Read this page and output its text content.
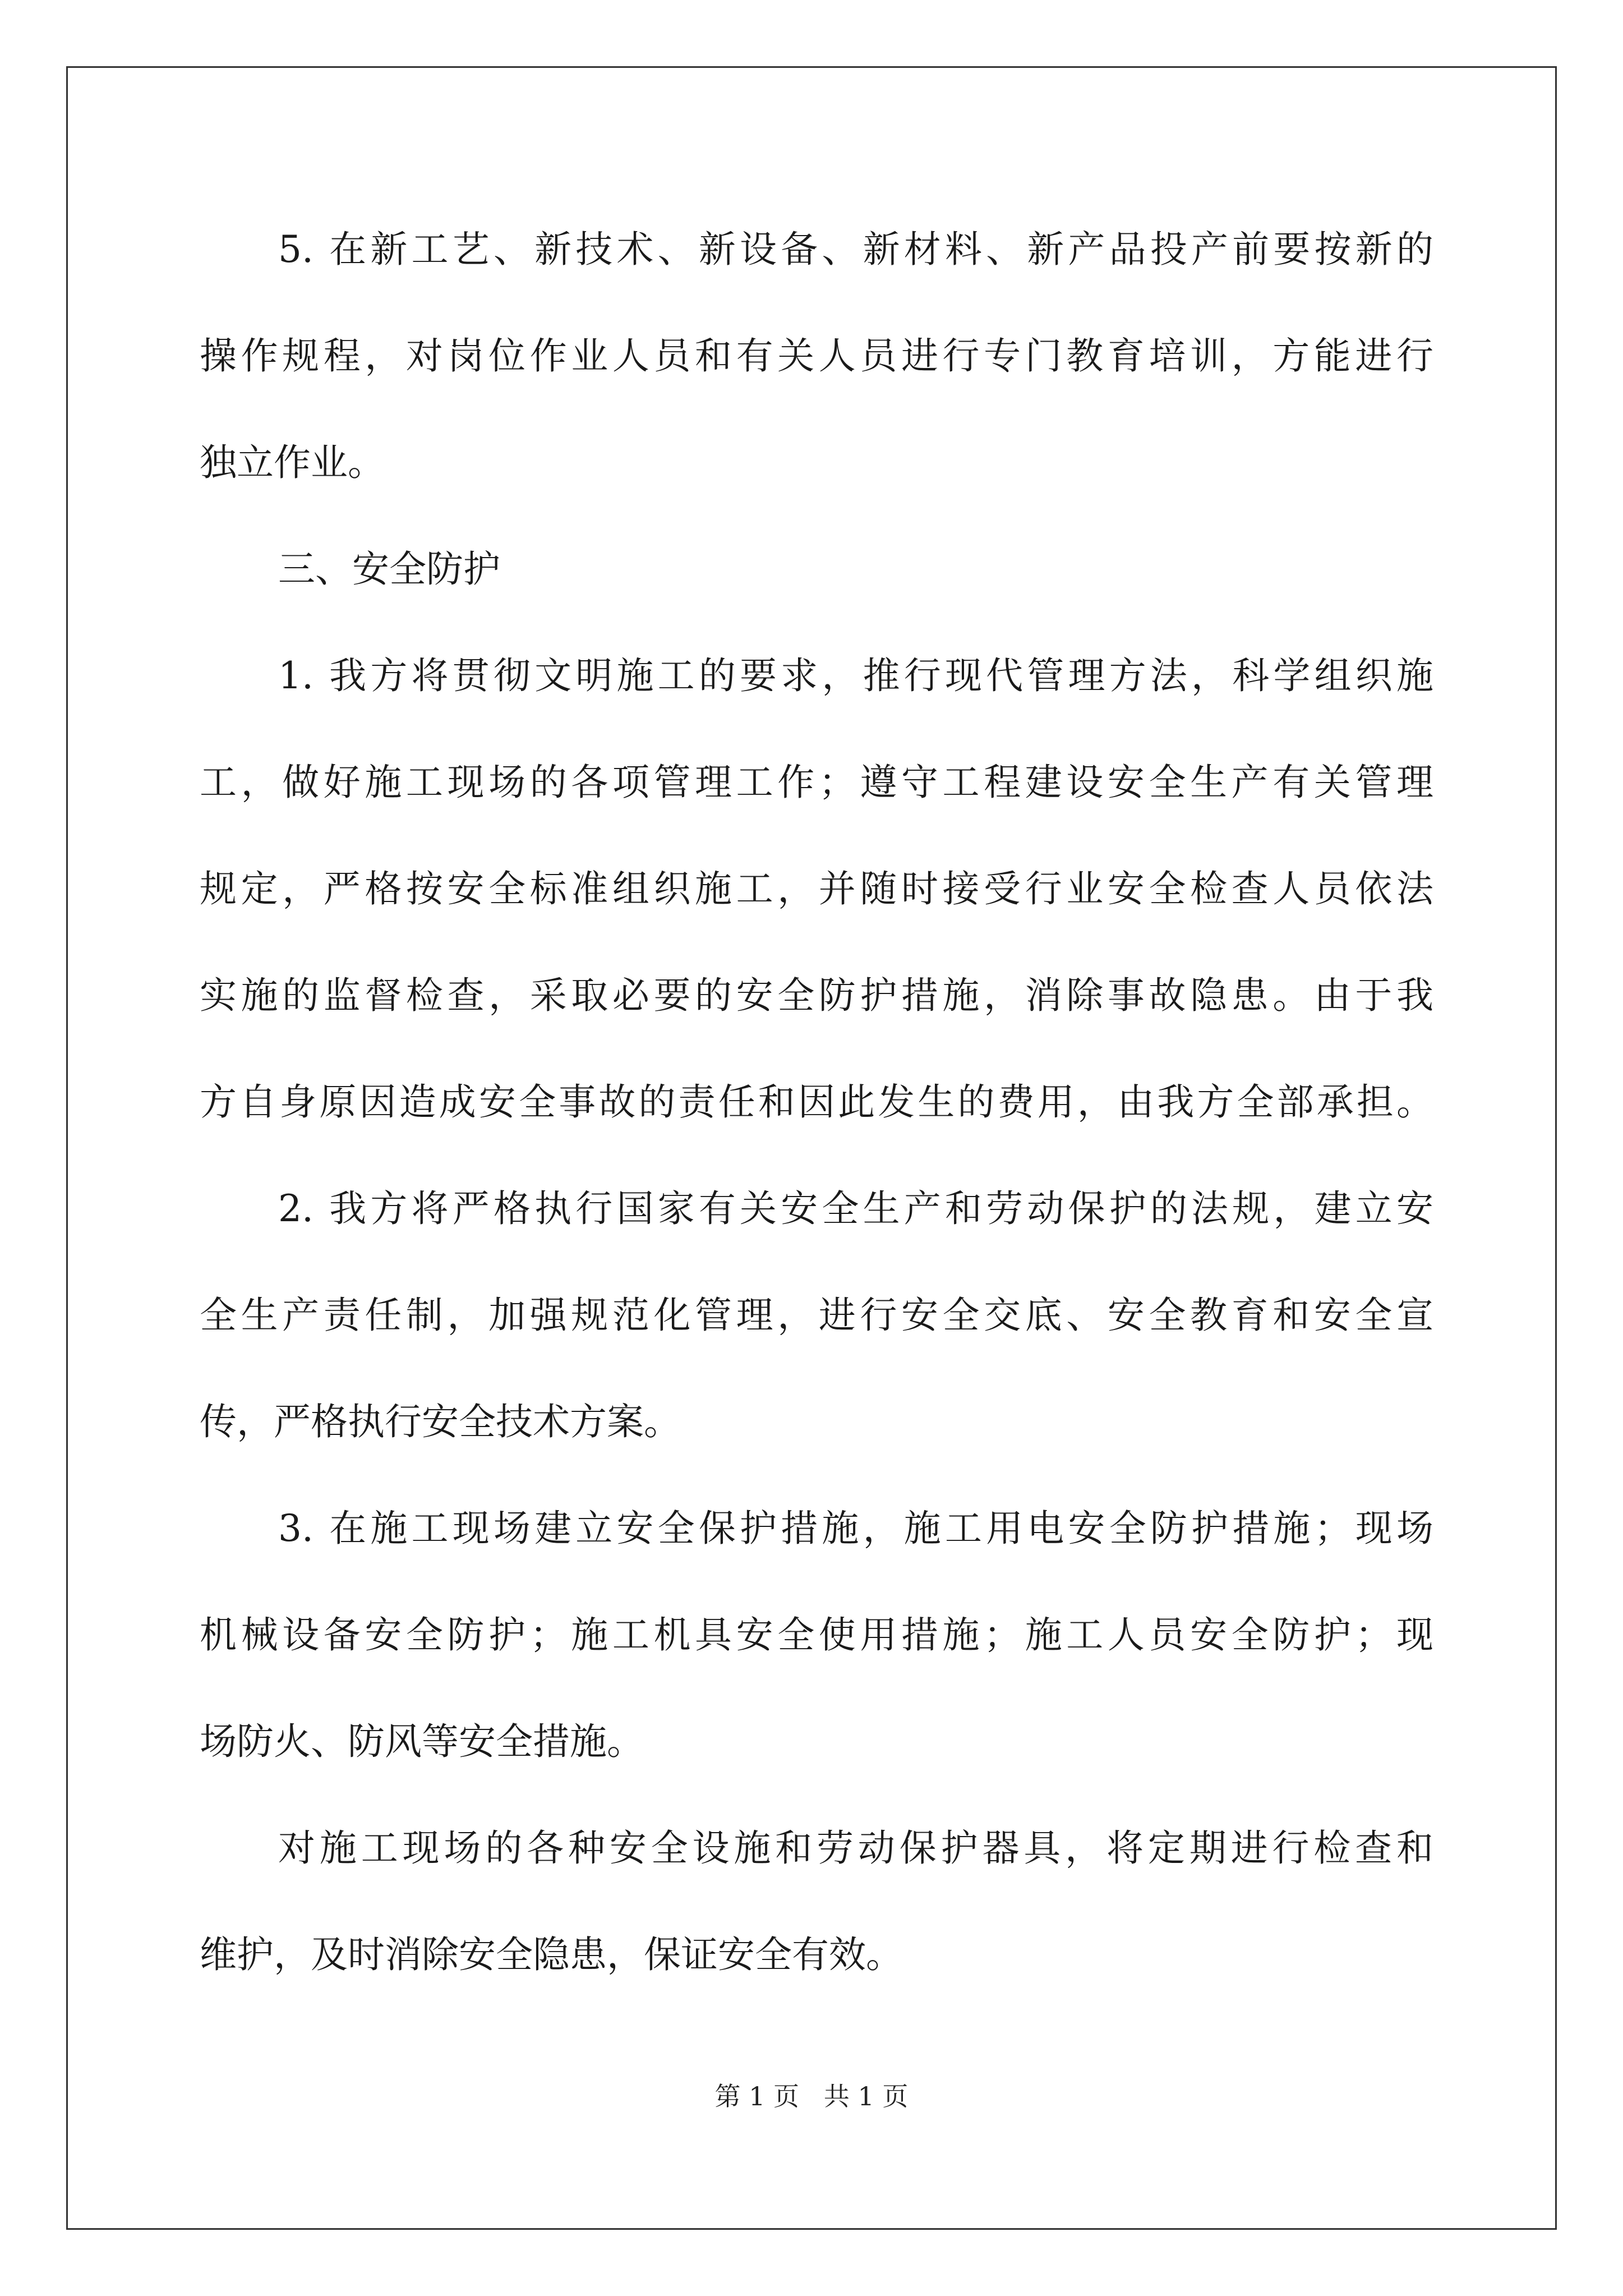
5. 在新工艺、新技术、新设备、新材料、新产品投产前要按新的
操作规程，对岗位作业人员和有关人员进行专门教育培训，方能进行
独立作业。
三、安全防护
1. 我方将贯彻文明施工的要求，推行现代管理方法，科学组织施
工，做好施工现场的各项管理工作；遵守工程建设安全生产有关管理
规定，严格按安全标准组织施工，并随时接受行业安全检查人员依法
实施的监督检查，采取必要的安全防护措施，消除事故隐患。由于我
方自身原因造成安全事故的责任和因此发生的费用，由我方全部承担。
2. 我方将严格执行国家有关安全生产和劳动保护的法规，建立安
全生产责任制，加强规范化管理，进行安全交底、安全教育和安全宣
传，严格执行安全技术方案。
3. 在施工现场建立安全保护措施，施工用电安全防护措施；现场
机械设备安全防护；施工机具安全使用措施；施工人员安全防护；现
场防火、防风等安全措施。
对施工现场的各种安全设施和劳动保护器具，将定期进行检查和
维护，及时消除安全隐患，保证安全有效。
第 1 页   共 1 页
